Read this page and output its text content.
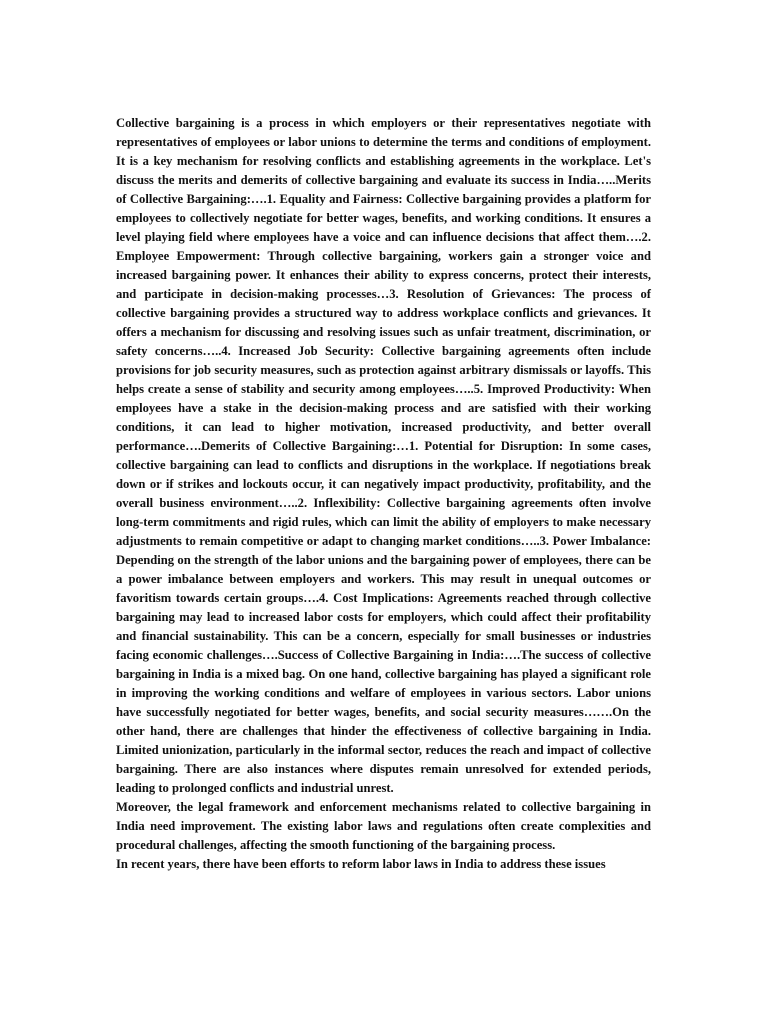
Collective bargaining is a process in which employers or their representatives negotiate with representatives of employees or labor unions to determine the terms and conditions of employment. It is a key mechanism for resolving conflicts and establishing agreements in the workplace. Let's discuss the merits and demerits of collective bargaining and evaluate its success in India…..Merits of Collective Bargaining:….1. Equality and Fairness: Collective bargaining provides a platform for employees to collectively negotiate for better wages, benefits, and working conditions. It ensures a level playing field where employees have a voice and can influence decisions that affect them….2. Employee Empowerment: Through collective bargaining, workers gain a stronger voice and increased bargaining power. It enhances their ability to express concerns, protect their interests, and participate in decision-making processes…3. Resolution of Grievances: The process of collective bargaining provides a structured way to address workplace conflicts and grievances. It offers a mechanism for discussing and resolving issues such as unfair treatment, discrimination, or safety concerns…..4. Increased Job Security: Collective bargaining agreements often include provisions for job security measures, such as protection against arbitrary dismissals or layoffs. This helps create a sense of stability and security among employees…..5. Improved Productivity: When employees have a stake in the decision-making process and are satisfied with their working conditions, it can lead to higher motivation, increased productivity, and better overall performance….Demerits of Collective Bargaining:…1. Potential for Disruption: In some cases, collective bargaining can lead to conflicts and disruptions in the workplace. If negotiations break down or if strikes and lockouts occur, it can negatively impact productivity, profitability, and the overall business environment…..2. Inflexibility: Collective bargaining agreements often involve long-term commitments and rigid rules, which can limit the ability of employers to make necessary adjustments to remain competitive or adapt to changing market conditions…..3. Power Imbalance: Depending on the strength of the labor unions and the bargaining power of employees, there can be a power imbalance between employers and workers. This may result in unequal outcomes or favoritism towards certain groups….4. Cost Implications: Agreements reached through collective bargaining may lead to increased labor costs for employers, which could affect their profitability and financial sustainability. This can be a concern, especially for small businesses or industries facing economic challenges….Success of Collective Bargaining in India:….The success of collective bargaining in India is a mixed bag. On one hand, collective bargaining has played a significant role in improving the working conditions and welfare of employees in various sectors. Labor unions have successfully negotiated for better wages, benefits, and social security measures…….On the other hand, there are challenges that hinder the effectiveness of collective bargaining in India. Limited unionization, particularly in the informal sector, reduces the reach and impact of collective bargaining. There are also instances where disputes remain unresolved for extended periods, leading to prolonged conflicts and industrial unrest.

Moreover, the legal framework and enforcement mechanisms related to collective bargaining in India need improvement. The existing labor laws and regulations often create complexities and procedural challenges, affecting the smooth functioning of the bargaining process.

In recent years, there have been efforts to reform labor laws in India to address these issues
